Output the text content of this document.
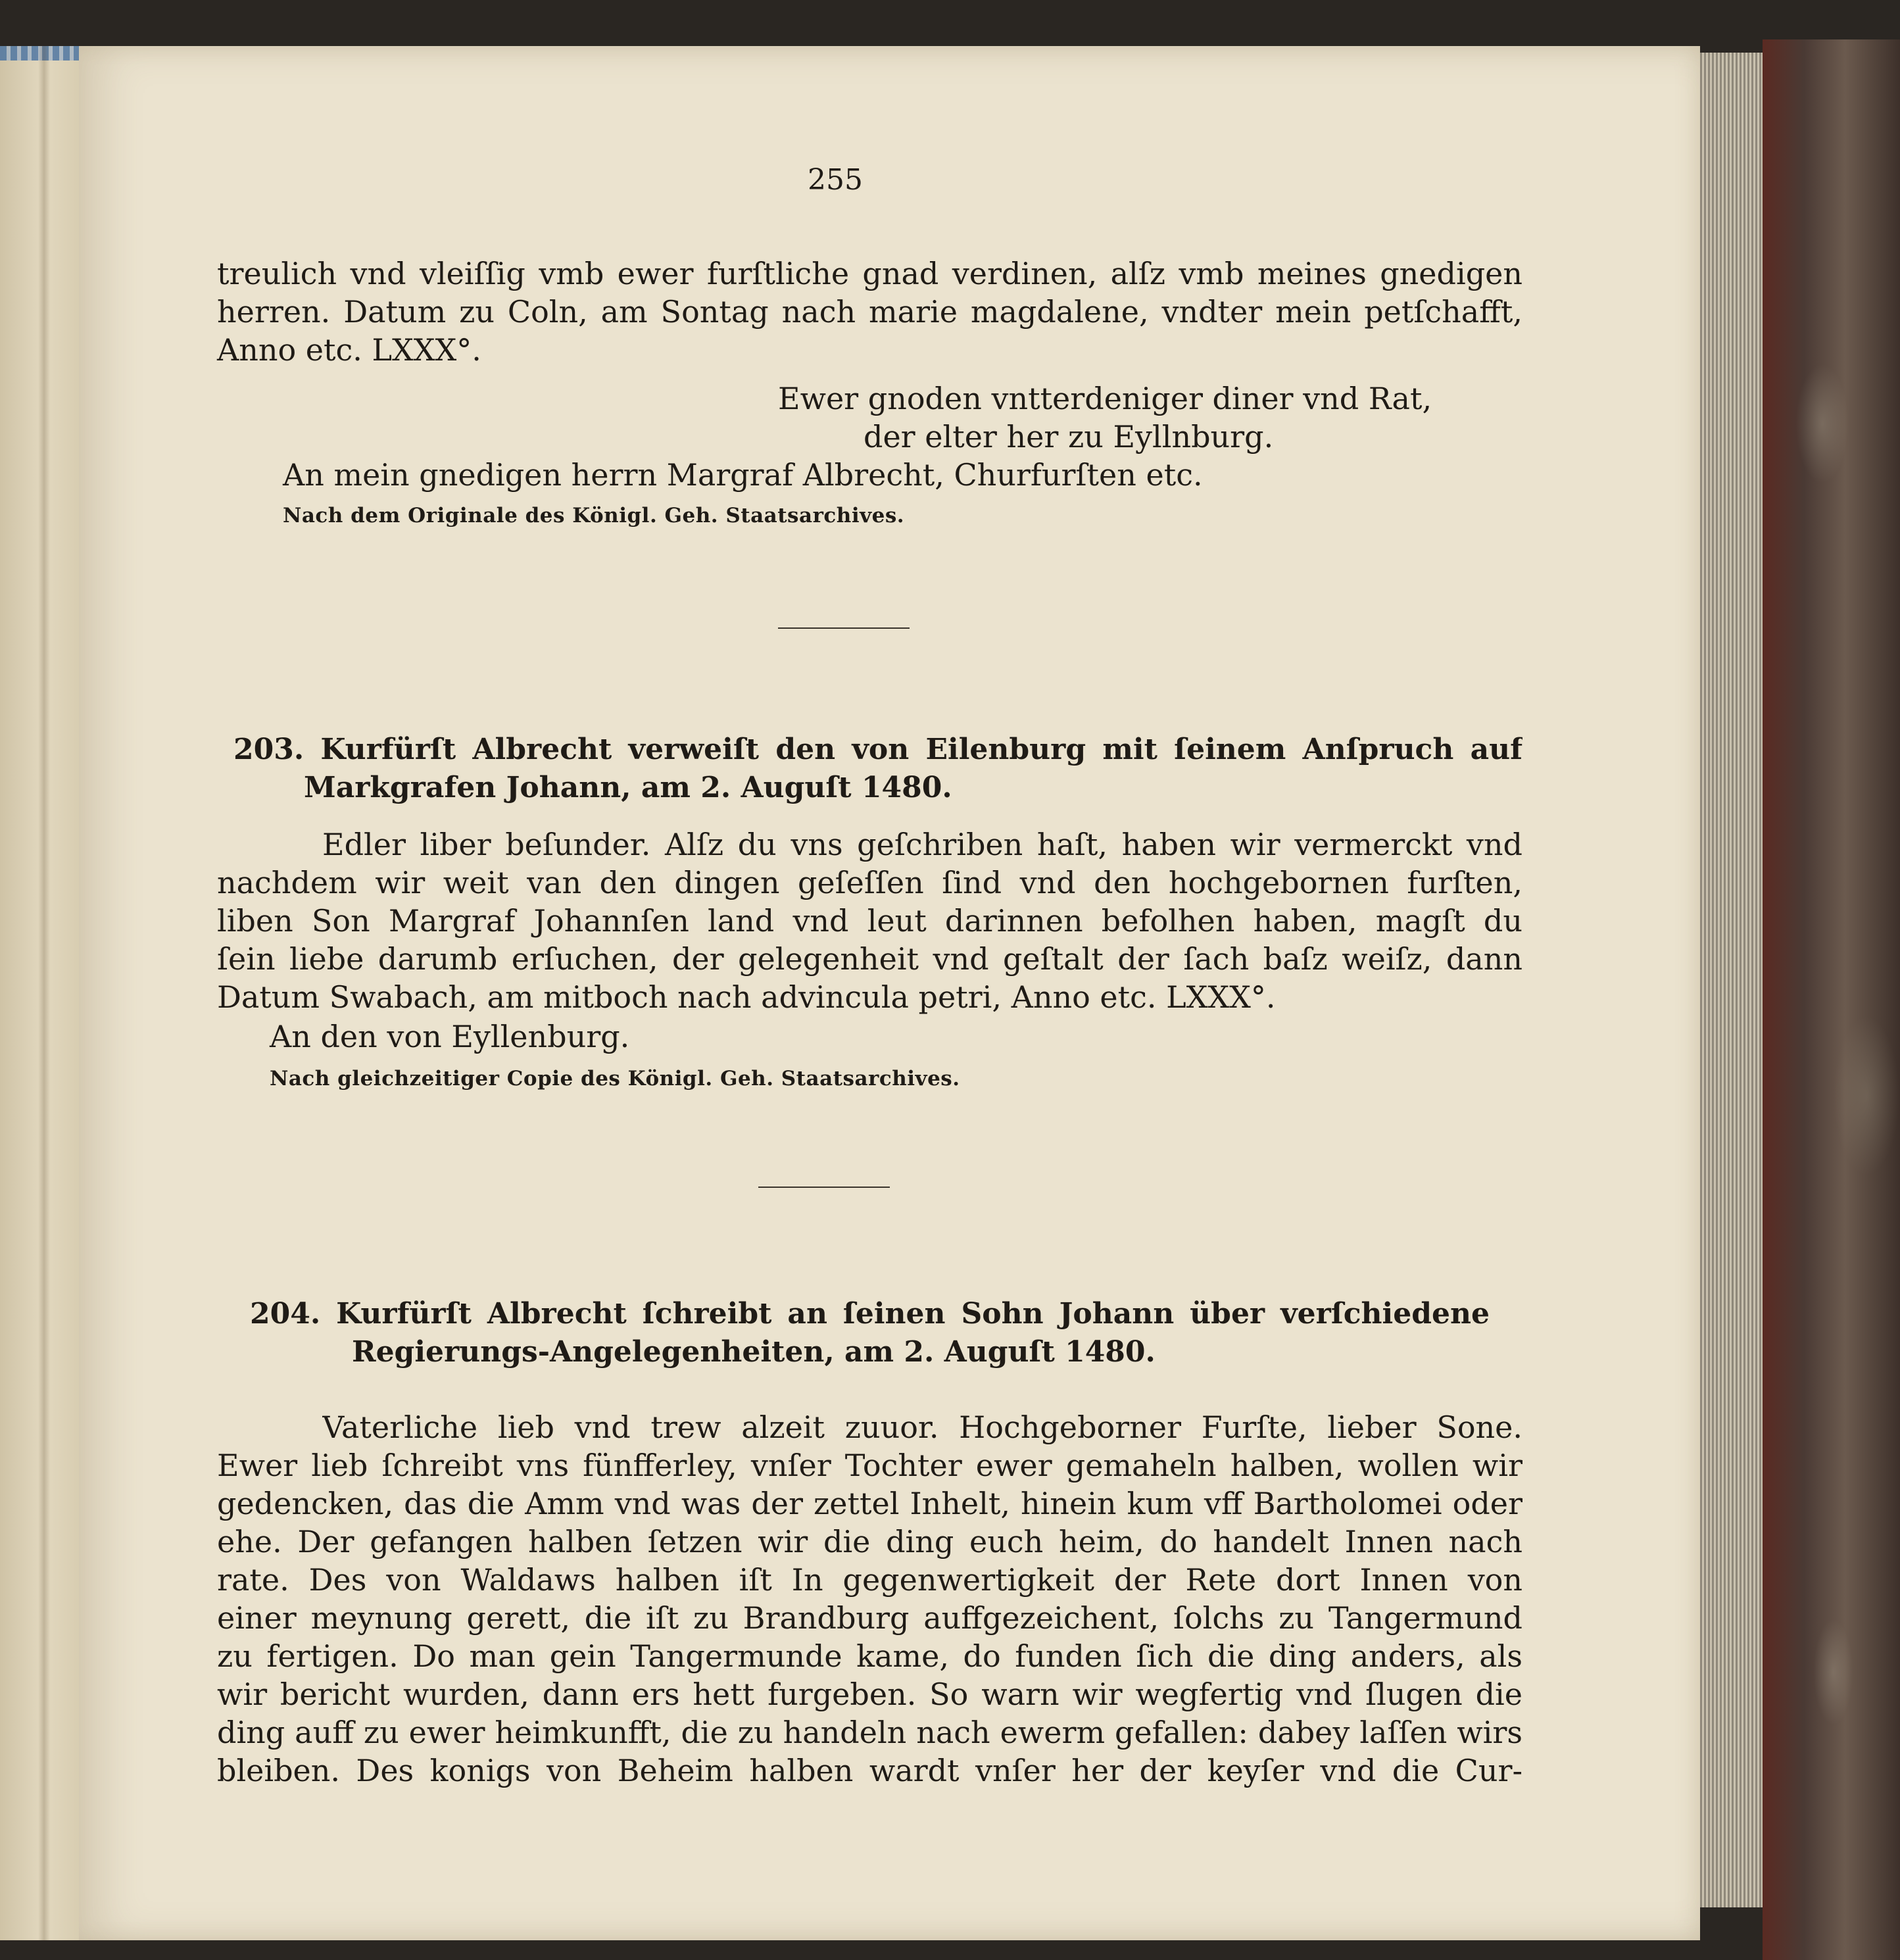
255
treulich vnd vleiſſig vmb ewer furſtliche gnad verdinen, alſz vmb meines gnedigen
herren. Datum zu Coln, am Sontag nach marie magdalene, vndter mein petſchafft,
Anno etc. LXXX°.
Ewer gnoden vntterdeniger diner vnd Rat,
der elter her zu Eyllnburg.
An mein gnedigen herrn Margraf Albrecht, Churfurſten etc.
Nach dem Originale des Königl. Geh. Staatsarchives.
203. Kurfürſt Albrecht verweiſt den von Eilenburg mit ſeinem Anſpruch auf
Markgrafen Johann, am 2. Auguſt 1480.
Edler liber beſunder. Alſz du vns geſchriben haſt, haben wir vermerckt vnd
nachdem wir weit van den dingen geſeſſen ſind vnd den hochgebornen furſten,
liben Son Margraf Johannſen land vnd leut darinnen befolhen haben, magſt du
ſein liebe darumb erſuchen, der gelegenheit vnd geſtalt der ſach baſz weiſz, dann
Datum Swabach, am mitboch nach advincula petri, Anno etc. LXXX°.
An den von Eyllenburg.
Nach gleichzeitiger Copie des Königl. Geh. Staatsarchives.
204. Kurfürſt Albrecht ſchreibt an ſeinen Sohn Johann über verſchiedene
Regierungs-Angelegenheiten, am 2. Auguſt 1480.
Vaterliche lieb vnd trew alzeit zuuor. Hochgeborner Furſte, lieber Sone.
Ewer lieb ſchreibt vns fünfferley, vnſer Tochter ewer gemaheln halben, wollen wir
gedencken, das die Amm vnd was der zettel Inhelt, hinein kum vff Bartholomei oder
ehe. Der gefangen halben ſetzen wir die ding euch heim, do handelt Innen nach
rate. Des von Waldaws halben iſt In gegenwertigkeit der Rete dort Innen von
einer meynung gerett, die iſt zu Brandburg auffgezeichent, ſolchs zu Tangermund
zu fertigen. Do man gein Tangermunde kame, do funden ſich die ding anders, als
wir bericht wurden, dann ers hett furgeben. So warn wir wegfertig vnd ſlugen die
ding auff zu ewer heimkunfft, die zu handeln nach ewerm gefallen: dabey laſſen wirs
bleiben. Des konigs von Beheim halben wardt vnſer her der keyſer vnd die Cur-
